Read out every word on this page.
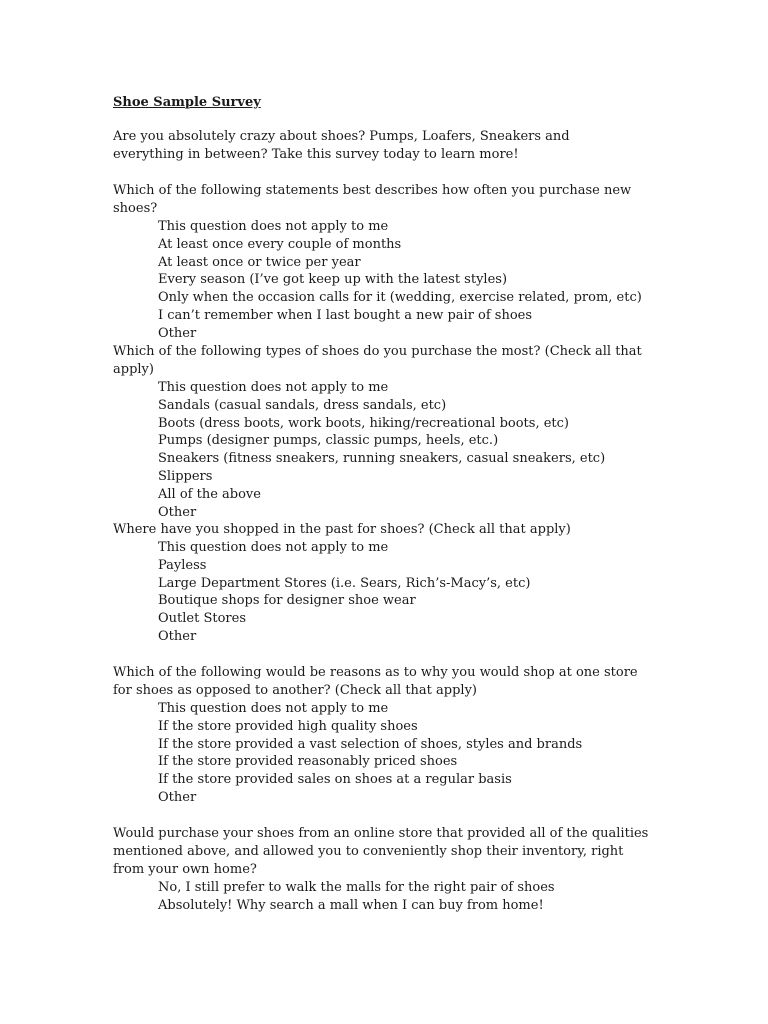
Shoe Sample Survey
Are you absolutely crazy about shoes? Pumps, Loafers, Sneakers and everything in between? Take this survey today to learn more!
Which of the following statements best describes how often you purchase new shoes?
This question does not apply to me
At least once every couple of months
At least once or twice per year
Every season (I’ve got keep up with the latest styles)
Only when the occasion calls for it (wedding, exercise related, prom, etc)
I can’t remember when I last bought a new pair of shoes
Other
Which of the following types of shoes do you purchase the most? (Check all that apply)
This question does not apply to me
Sandals (casual sandals, dress sandals, etc)
Boots (dress boots, work boots, hiking/recreational boots, etc)
Pumps (designer pumps, classic pumps, heels, etc.)
Sneakers (fitness sneakers, running sneakers, casual sneakers, etc)
Slippers
All of the above
Other
Where have you shopped in the past for shoes? (Check all that apply)
This question does not apply to me
Payless
Large Department Stores (i.e. Sears, Rich’s-Macy’s, etc)
Boutique shops for designer shoe wear
Outlet Stores
Other
Which of the following would be reasons as to why you would shop at one store for shoes as opposed to another? (Check all that apply)
This question does not apply to me
If the store provided high quality shoes
If the store provided a vast selection of shoes, styles and brands
If the store provided reasonably priced shoes
If the store provided sales on shoes at a regular basis
Other
Would purchase your shoes from an online store that provided all of the qualities mentioned above, and allowed you to conveniently shop their inventory, right from your own home?
No, I still prefer to walk the malls for the right pair of shoes
Absolutely! Why search a mall when I can buy from home!
